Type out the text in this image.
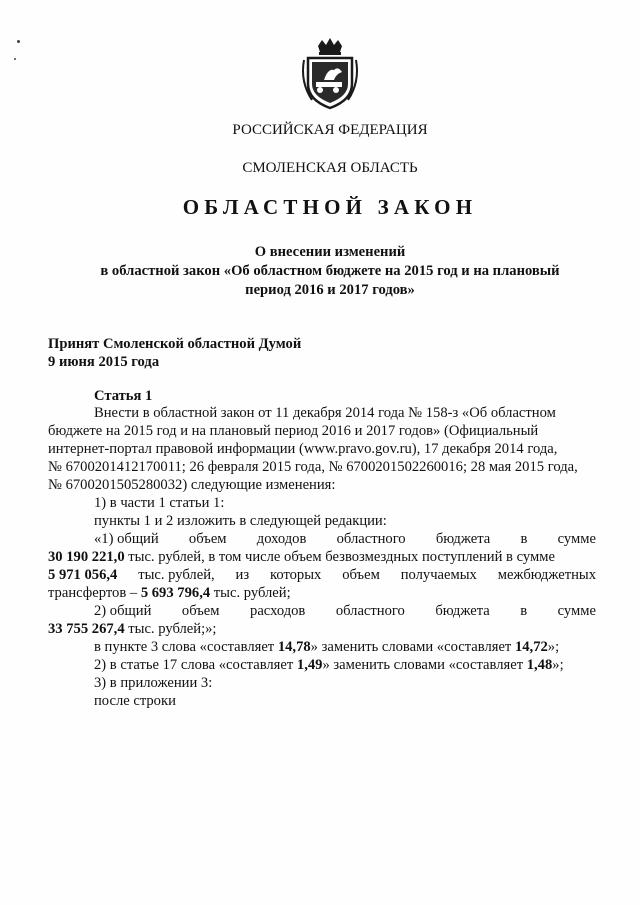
РОССИЙСКАЯ ФЕДЕРАЦИЯ
СМОЛЕНСКАЯ ОБЛАСТЬ
ОБЛАСТНОЙ ЗАКОН
О внесении изменений
в областной закон «Об областном бюджете на 2015 год и на плановый
период 2016 и 2017 годов»
Принят Смоленской областной Думой
9 июня 2015 года
Статья 1
Внести в областной закон от 11 декабря 2014 года № 158-з «Об областном
бюджете на 2015 год и на плановый период 2016 и 2017 годов» (Официальный
интернет-портал правовой информации (www.pravo.gov.ru), 17 декабря 2014 года,
№ 6700201412170011; 26 февраля 2015 года, № 6700201502260016; 28 мая 2015 года,
№ 6700201505280032) следующие изменения:
1) в части 1 статьи 1:
пункты 1 и 2 изложить в следующей редакции:
«1) общий объем доходов областного бюджета в сумме
30 190 221,0 тыс. рублей, в том числе объем безвозмездных поступлений в сумме
5 971 056,4 тыс. рублей, из которых объем получаемых межбюджетных
трансфертов – 5 693 796,4 тыс. рублей;
2) общий объем расходов областного бюджета в сумме
33 755 267,4 тыс. рублей;»;
в пункте 3 слова «составляет 14,78» заменить словами «составляет 14,72»;
2) в статье 17 слова «составляет 1,49» заменить словами «составляет 1,48»;
3) в приложении 3:
после строки
